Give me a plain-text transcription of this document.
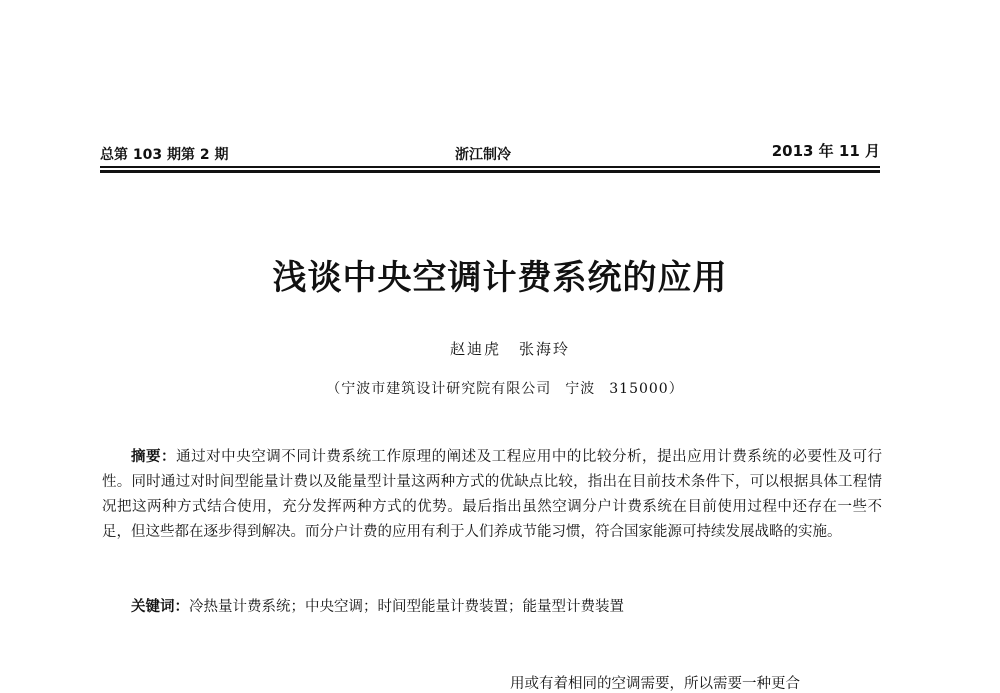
总第 103 期第 2 期	浙江制冷	2013 年 11 月
浅谈中央空调计费系统的应用
赵迪虎 张海玲
（宁波市建筑设计研究院有限公司 宁波 315000）

摘要：通过对中央空调不同计费系统工作原理的阐述及工程应用中的比较分析，提出应用计费系统的必要性及可行性。同时通过对时间型能量计费以及能量型计量这两种方式的优缺点比较，指出在目前技术条件下，可以根据具体工程情况把这两种方式结合使用，充分发挥两种方式的优势。最后指出虽然空调分户计费系统在目前使用过程中还存在一些不足，但这些都在逐步得到解决。而分户计费的应用有利于人们养成节能习惯，符合国家能源可持续发展战略的实施。

关键词：冷热量计费系统；中央空调；时间型能量计费装置；能量型计费装置
用或有着相同的空调需要，所以需要一种更合
